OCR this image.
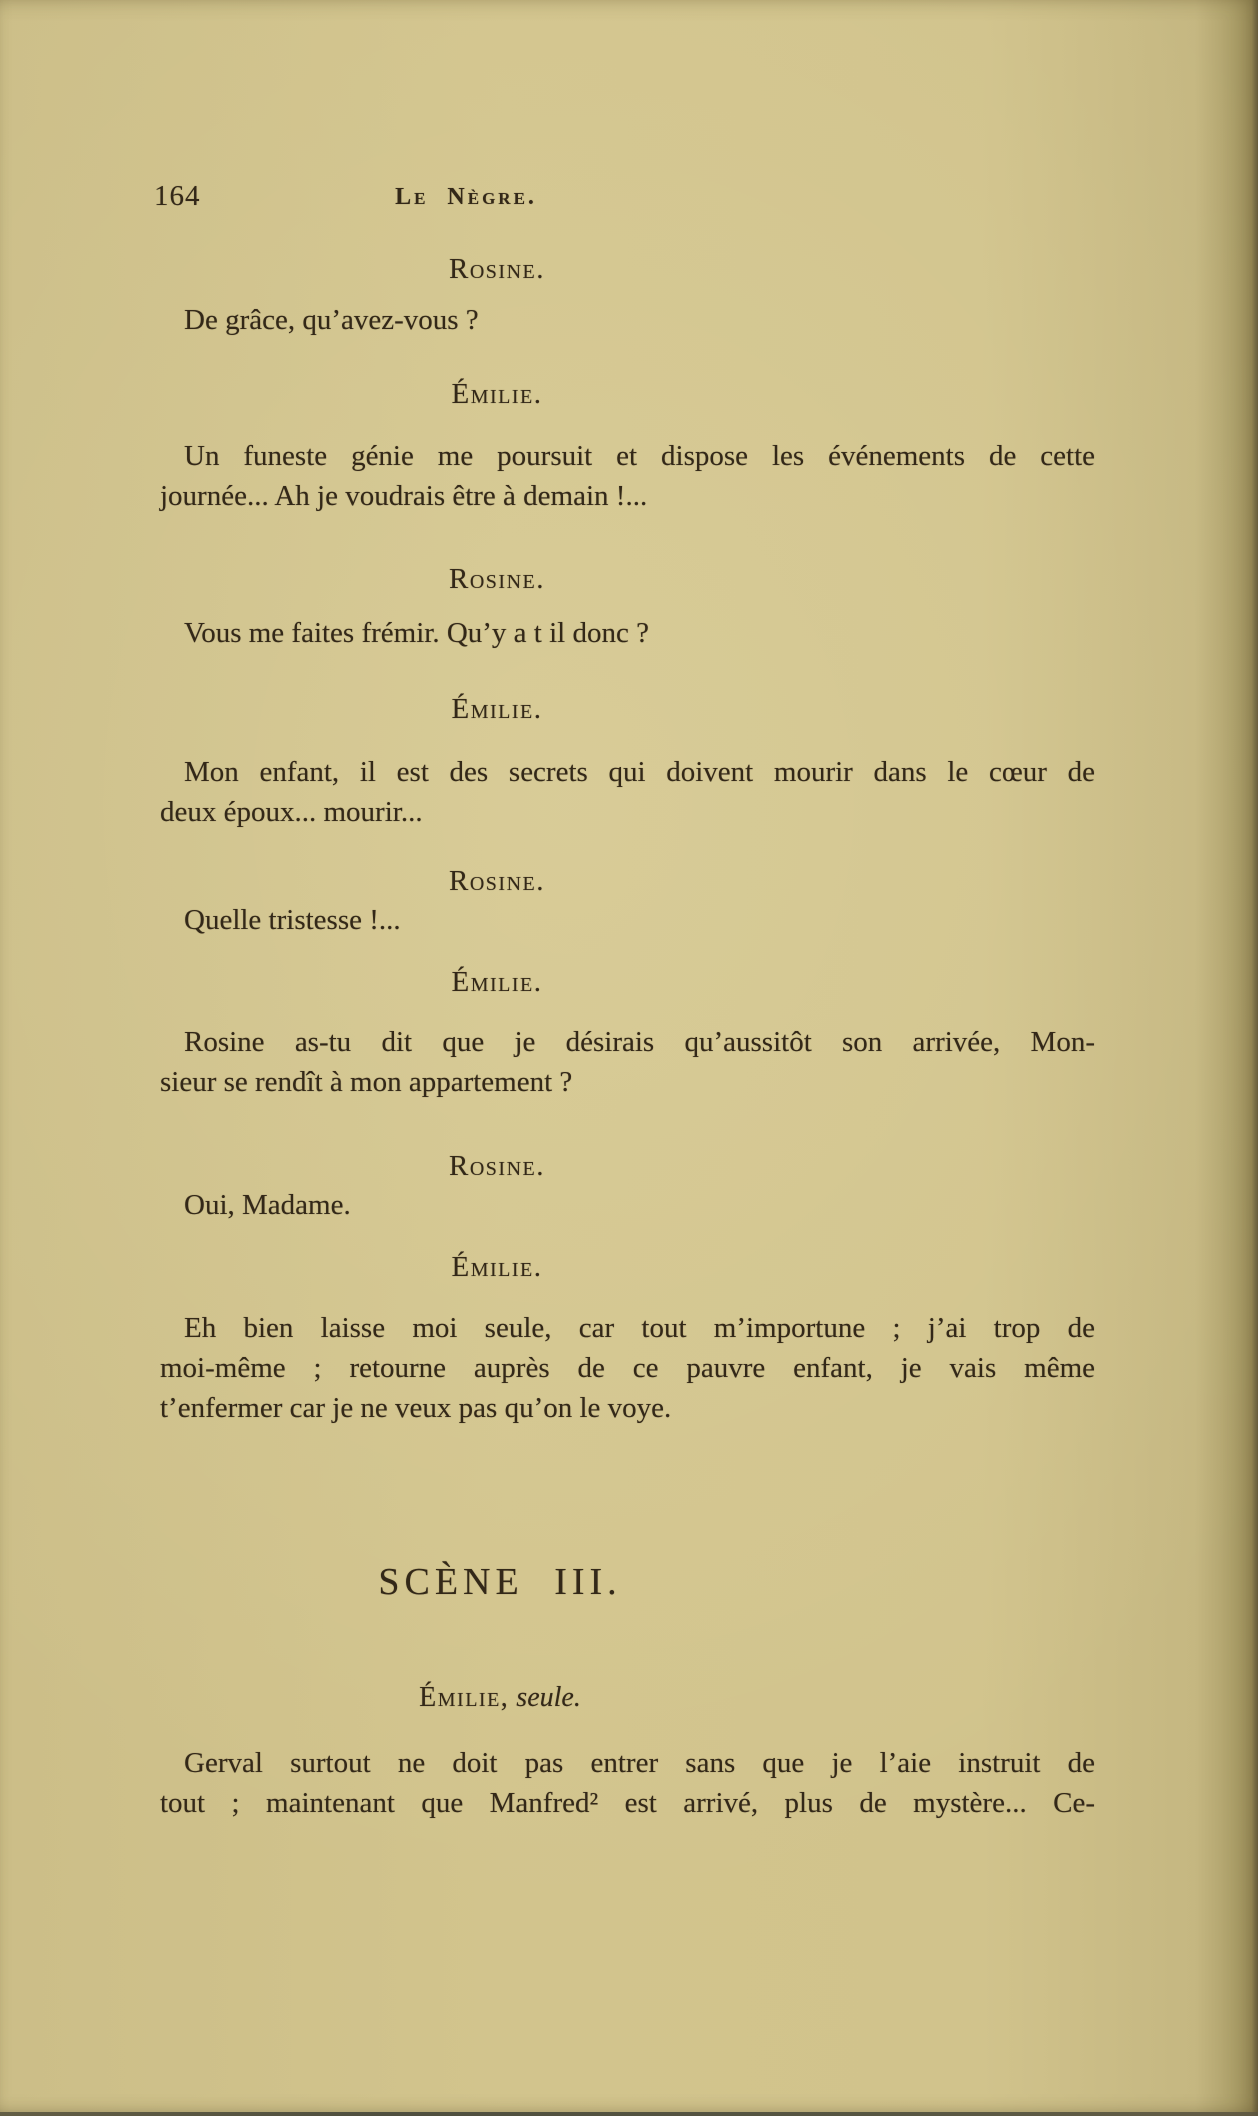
164	Le Nègre.
Rosine.
De grâce, qu’avez-vous ?
Émilie.
Un funeste génie me poursuit et dispose les événements de cette
journée... Ah je voudrais être à demain !...
Rosine.
Vous me faites frémir. Qu’y a t il donc ?
Émilie.
Mon enfant, il est des secrets qui doivent mourir dans le cœur de
deux époux... mourir...
Rosine.
Quelle tristesse !...
Émilie.
Rosine as-tu dit que je désirais qu’aussitôt son arrivée, Mon-
sieur se rendît à mon appartement ?
Rosine.
Oui, Madame.
Émilie.
Eh bien laisse moi seule, car tout m’importune ; j’ai trop de
moi-même ; retourne auprès de ce pauvre enfant, je vais même
t’enfermer car je ne veux pas qu’on le voye.
SCÈNE III.
Émilie, seule.
Gerval surtout ne doit pas entrer sans que je l’aie instruit de
tout ; maintenant que Manfred² est arrivé, plus de mystère... Ce-
